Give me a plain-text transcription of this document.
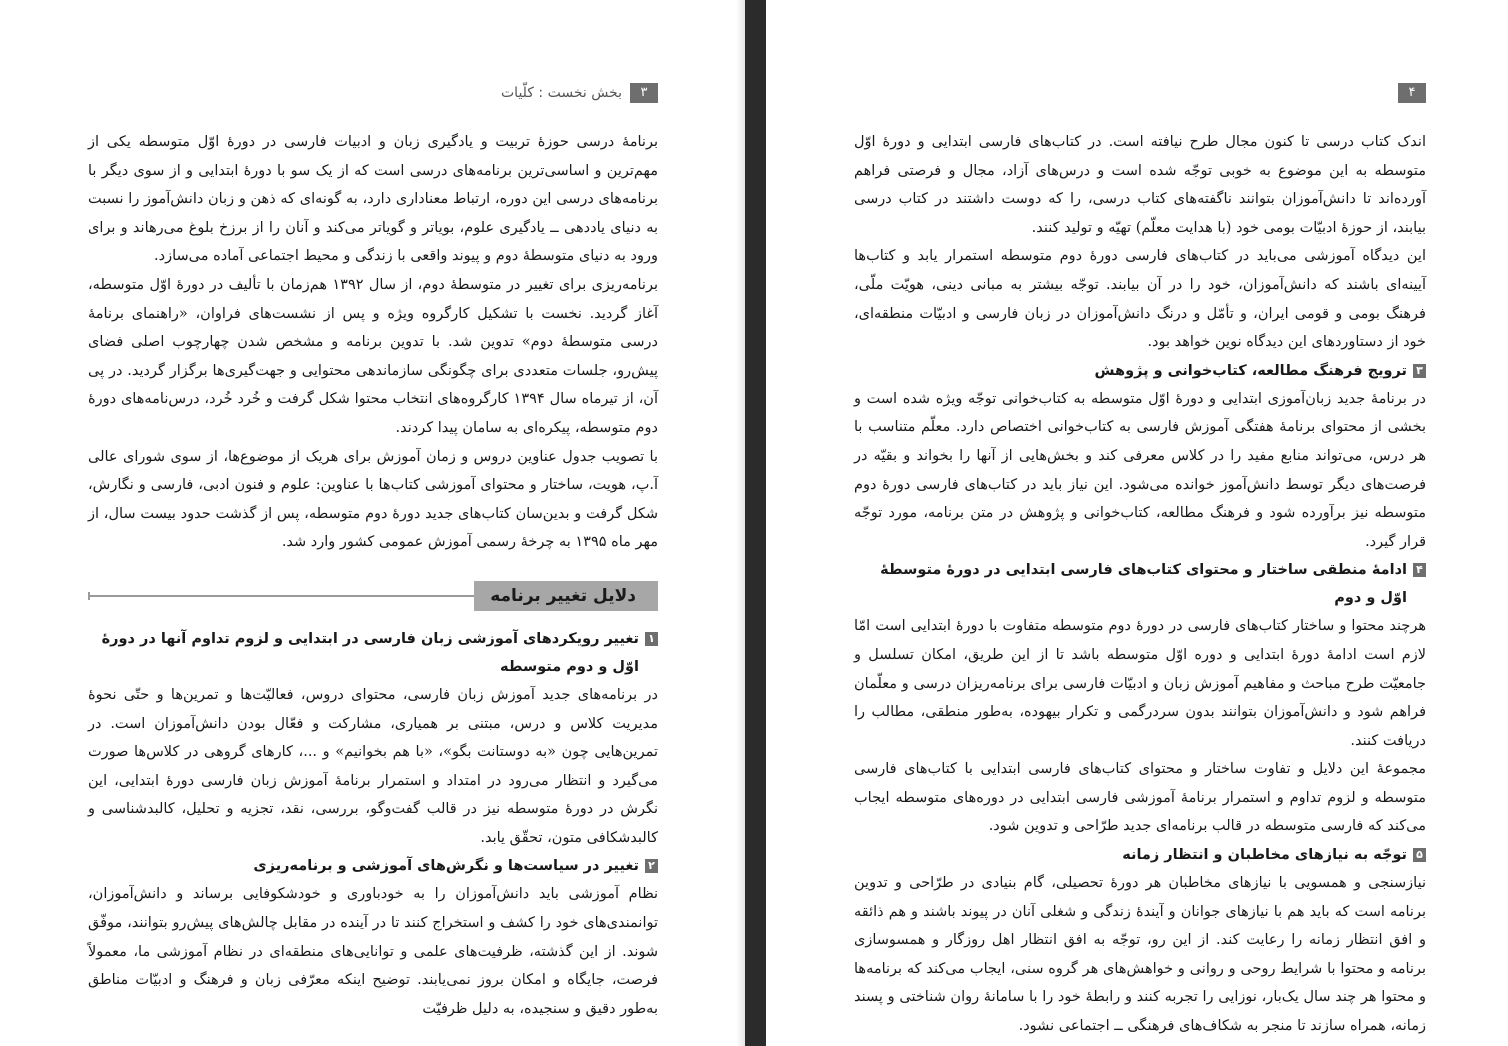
۳
بخش نخست : کلّیات

برنامهٔ درسی حوزهٔ تربیت و یادگیری زبان و ادبیات فارسی در دورهٔ اوّل متوسطه یکی از مهم‌ترین و اساسی‌ترین برنامه‌های درسی است که از یک سو با دورهٔ ابتدایی و از سوی دیگر با برنامه‌های درسی این دوره، ارتباط معناداری دارد، به گونه‌ای که ذهن و زبان دانش‌آموز را نسبت به دنیای یاددهی ــ یادگیری علوم، بویاتر و گویاتر می‌کند و آنان را از برزخ بلوغ می‌رهاند و برای ورود به دنیای متوسطهٔ دوم و پیوند واقعی با زندگی و محیط اجتماعی آماده می‌سازد.

برنامه‌ریزی برای تغییر در متوسطهٔ دوم، از سال ۱۳۹۲ هم‌زمان با تألیف در دورهٔ اوّل متوسطه، آغاز گردید. نخست با تشکیل کارگروه ویژه و پس از نشست‌های فراوان، «راهنمای برنامهٔ درسی متوسطهٔ دوم» تدوین شد. با تدوین برنامه و مشخص شدن چهارچوب اصلی فضای پیش‌رو، جلسات متعددی برای چگونگی سازماندهی محتوایی و جهت‌گیری‌ها برگزار گردید. در پی آن، از تیرماه سال ۱۳۹۴ کارگروه‌های انتخاب محتوا شکل گرفت و خُرد خُرد، درس‌نامه‌های دورهٔ دوم متوسطه، پیکره‌ای به سامان پیدا کردند.

با تصویب جدول عناوین دروس و زمان آموزش برای هریک از موضوع‌ها، از سوی شورای عالی آ.پ، هویت، ساختار و محتوای آموزشی کتاب‌ها با عناوین: علوم و فنون ادبی، فارسی و نگارش، شکل گرفت و بدین‌سان کتاب‌های جدید دورهٔ دوم متوسطه، پس از گذشت حدود بیست سال، از مهر ماه ۱۳۹۵ به چرخهٔ رسمی آموزش عمومی کشور وارد شد.

دلایل تغییر برنامه
۱
تغییر رویکردهای آموزشی زبان فارسی در ابتدایی و لزوم تداوم آنها در دورهٔ اوّل و دوم متوسطه

در برنامه‌های جدید آموزش زبان فارسی، محتوای دروس، فعالیّت‌ها و تمرین‌ها و حتّی نحوهٔ مدیریت کلاس و درس، مبتنی بر همیاری، مشارکت و فعّال بودن دانش‌آموزان است. در تمرین‌هایی چون «به دوستانت بگو»، «با هم بخوانیم» و ...، کارهای گروهی در کلاس‌ها صورت می‌گیرد و انتظار می‌رود در امتداد و استمرار برنامهٔ آموزش زبان فارسی دورهٔ ابتدایی، این نگرش در دورهٔ متوسطه نیز در قالب گفت‌وگو، بررسی، نقد، تجزیه و تحلیل، کالبدشناسی و کالبدشکافی متون، تحقّق یابد.

۲
تغییر در سیاست‌ها و نگرش‌های آموزشی و برنامه‌ریزی

نظام آموزشی باید دانش‌آموزان را به خودباوری و خودشکوفایی برساند و دانش‌آموزان، توانمندی‌های خود را کشف و استخراج کنند تا در آینده در مقابل چالش‌های پیش‌رو بتوانند، موفّق شوند. از این گذشته، ظرفیت‌های علمی و توانایی‌های منطقه‌ای در نظام آموزشی ما، معمولاً فرصت، جایگاه و امکان بروز نمی‌یابند. توضیح اینکه معرّفی زبان و فرهنگ و ادبیّات مناطق به‌طور دقیق و سنجیده، به دلیل ظرفیّت

۴

اندک کتاب درسی تا کنون مجال طرح نیافته است. در کتاب‌های فارسی ابتدایی و دورهٔ اوّل متوسطه به این موضوع به خوبی توجّه شده است و درس‌های آزاد، مجال و فرصتی فراهم آورده‌اند تا دانش‌آموزان بتوانند ناگفته‌های کتاب درسی، را که دوست داشتند در کتاب درسی بیابند، از حوزهٔ ادبیّات بومی خود (با هدایت معلّم) تهیّه و تولید کنند.

این دیدگاه آموزشی می‌باید در کتاب‌های فارسی دورهٔ دوم متوسطه استمرار یابد و کتاب‌ها آیینه‌ای باشند که دانش‌آموزان، خود را در آن بیابند. توجّه بیشتر به مبانی دینی، هویّت ملّی، فرهنگ بومی و قومی ایران، و تأمّل و درنگ دانش‌آموزان در زبان فارسی و ادبیّات منطقه‌ای، خود از دستاوردهای این دیدگاه نوین خواهد بود.

۳
ترویج فرهنگ مطالعه، کتاب‌خوانی و پژوهش

در برنامهٔ جدید زبان‌آموزی ابتدایی و دورهٔ اوّل متوسطه به کتاب‌خوانی توجّه ویژه شده است و بخشی از محتوای برنامهٔ هفتگی آموزش فارسی به کتاب‌خوانی اختصاص دارد. معلّم متناسب با هر درس، می‌تواند منابع مفید را در کلاس معرفی کند و بخش‌هایی از آنها را بخواند و بقیّه در فرصت‌های دیگر توسط دانش‌آموز خوانده می‌شود. این نیاز باید در کتاب‌های فارسی دورهٔ دوم متوسطه نیز برآورده شود و فرهنگ مطالعه، کتاب‌خوانی و پژوهش در متن برنامه، مورد توجّه قرار گیرد.

۴
ادامهٔ منطقی ساختار و محتوای کتاب‌های فارسی ابتدایی در دورهٔ متوسطهٔ اوّل و دوم

هرچند محتوا و ساختار کتاب‌های فارسی در دورهٔ دوم متوسطه متفاوت با دورهٔ ابتدایی است امّا لازم است ادامهٔ دورهٔ ابتدایی و دوره اوّل متوسطه باشد تا از این طریق، امکان تسلسل و جامعیّت طرح مباحث و مفاهیم آموزش زبان و ادبیّات فارسی برای برنامه‌ریزان درسی و معلّمان فراهم شود و دانش‌آموزان بتوانند بدون سردرگمی و تکرار بیهوده، به‌طور منطقی، مطالب را دریافت کنند.

مجموعهٔ این دلایل و تفاوت ساختار و محتوای کتاب‌های فارسی ابتدایی با کتاب‌های فارسی متوسطه و لزوم تداوم و استمرار برنامهٔ آموزشی فارسی ابتدایی در دوره‌های متوسطه ایجاب می‌کند که فارسی متوسطه در قالب برنامه‌ای جدید طرّاحی و تدوین شود.

۵
توجّه به نیازهای مخاطبان و انتظار زمانه

نیازسنجی و همسویی با نیازهای مخاطبان هر دورهٔ تحصیلی، گام بنیادی در طرّاحی و تدوین برنامه است که باید هم با نیازهای جوانان و آیندهٔ زندگی و شغلی آنان در پیوند باشند و هم ذائقه و افق انتظار زمانه را رعایت کند. از این رو، توجّه به افق انتظار اهل روزگار و همسوسازی برنامه و محتوا با شرایط روحی و روانی و خواهش‌های هر گروه سنی، ایجاب می‌کند که برنامه‌ها و محتوا هر چند سال یک‌بار، نوزایی را تجربه کنند و رابطهٔ خود را با سامانهٔ روان شناختی و پسند زمانه، همراه سازند تا منجر به شکاف‌های فرهنگی ــ اجتماعی نشود.
